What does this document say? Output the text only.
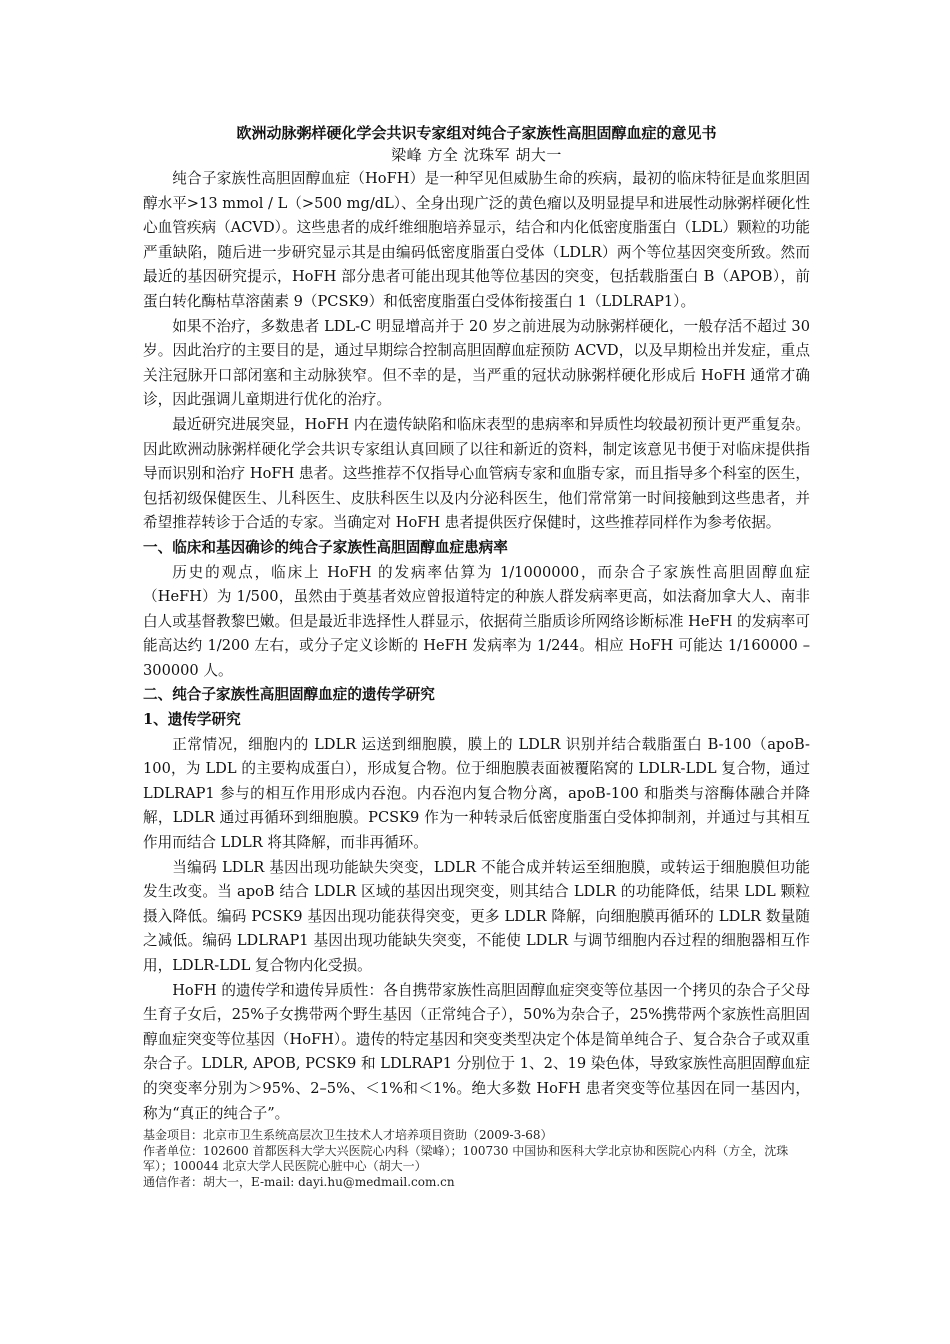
欧洲动脉粥样硬化学会共识专家组对纯合子家族性高胆固醇血症的意见书

梁峰 方全 沈珠军 胡大一

纯合子家族性高胆固醇血症（HoFH）是一种罕见但威胁生命的疾病，最初的临床特征是血浆胆固醇水平>13 mmol / L（>500 mg/dL）、全身出现广泛的黄色瘤以及明显提早和进展性动脉粥样硬化性心血管疾病（ACVD）。这些患者的成纤维细胞培养显示，结合和内化低密度脂蛋白（LDL）颗粒的功能严重缺陷，随后进一步研究显示其是由编码低密度脂蛋白受体（LDLR）两个等位基因突变所致。然而最近的基因研究提示，HoFH 部分患者可能出现其他等位基因的突变，包括载脂蛋白 B（APOB），前蛋白转化酶枯草溶菌素 9（PCSK9）和低密度脂蛋白受体衔接蛋白 1（LDLRAP1）。

如果不治疗，多数患者 LDL-C 明显增高并于 20 岁之前进展为动脉粥样硬化，一般存活不超过 30 岁。因此治疗的主要目的是，通过早期综合控制高胆固醇血症预防 ACVD，以及早期检出并发症，重点关注冠脉开口部闭塞和主动脉狭窄。但不幸的是，当严重的冠状动脉粥样硬化形成后 HoFH 通常才确诊，因此强调儿童期进行优化的治疗。

最近研究进展突显，HoFH 内在遗传缺陷和临床表型的患病率和异质性均较最初预计更严重复杂。因此欧洲动脉粥样硬化学会共识专家组认真回顾了以往和新近的资料，制定该意见书便于对临床提供指导而识别和治疗 HoFH 患者。这些推荐不仅指导心血管病专家和血脂专家，而且指导多个科室的医生，包括初级保健医生、儿科医生、皮肤科医生以及内分泌科医生，他们常常第一时间接触到这些患者，并希望推荐转诊于合适的专家。当确定对 HoFH 患者提供医疗保健时，这些推荐同样作为参考依据。

一、临床和基因确诊的纯合子家族性高胆固醇血症患病率

历史的观点，临床上 HoFH 的发病率估算为 1/1000000，而杂合子家族性高胆固醇血症（HeFH）为 1/500，虽然由于奠基者效应曾报道特定的种族人群发病率更高，如法裔加拿大人、南非白人或基督教黎巴嫩。但是最近非选择性人群显示，依据荷兰脂质诊所网络诊断标准 HeFH 的发病率可能高达约 1/200 左右，或分子定义诊断的 HeFH 发病率为 1/244。相应 HoFH 可能达 1/160000 –300000 人。

二、纯合子家族性高胆固醇血症的遗传学研究

1、遗传学研究

正常情况，细胞内的 LDLR 运送到细胞膜，膜上的 LDLR 识别并结合载脂蛋白 B-100（apoB-100，为 LDL 的主要构成蛋白），形成复合物。位于细胞膜表面被覆陷窝的 LDLR-LDL 复合物，通过 LDLRAP1 参与的相互作用形成内吞泡。内吞泡内复合物分离，apoB-100 和脂类与溶酶体融合并降解，LDLR 通过再循环到细胞膜。PCSK9 作为一种转录后低密度脂蛋白受体抑制剂，并通过与其相互作用而结合 LDLR 将其降解，而非再循环。

当编码 LDLR 基因出现功能缺失突变，LDLR 不能合成并转运至细胞膜，或转运于细胞膜但功能发生改变。当 apoB 结合 LDLR 区域的基因出现突变，则其结合 LDLR 的功能降低，结果 LDL 颗粒摄入降低。编码 PCSK9 基因出现功能获得突变，更多 LDLR 降解，向细胞膜再循环的 LDLR 数量随之减低。编码 LDLRAP1 基因出现功能缺失突变，不能使 LDLR 与调节细胞内吞过程的细胞器相互作用，LDLR-LDL 复合物内化受损。

HoFH 的遗传学和遗传异质性：各自携带家族性高胆固醇血症突变等位基因一个拷贝的杂合子父母生育子女后，25%子女携带两个野生基因（正常纯合子），50%为杂合子，25%携带两个家族性高胆固醇血症突变等位基因（HoFH）。遗传的特定基因和突变类型决定个体是简单纯合子、复合杂合子或双重杂合子。LDLR, APOB, PCSK9 和 LDLRAP1 分别位于 1、2、19 染色体，导致家族性高胆固醇血症的突变率分别为＞95%、2–5%、＜1%和＜1%。绝大多数 HoFH 患者突变等位基因在同一基因内，称为“真正的纯合子”。

基金项目：北京市卫生系统高层次卫生技术人才培养项目资助（2009-3-68）

作者单位：102600 首都医科大学大兴医院心内科（梁峰）；100730 中国协和医科大学北京协和医院心内科（方全，沈珠军）；100044 北京大学人民医院心脏中心（胡大一）

通信作者：胡大一，E-mail: dayi.hu@medmail.com.cn
